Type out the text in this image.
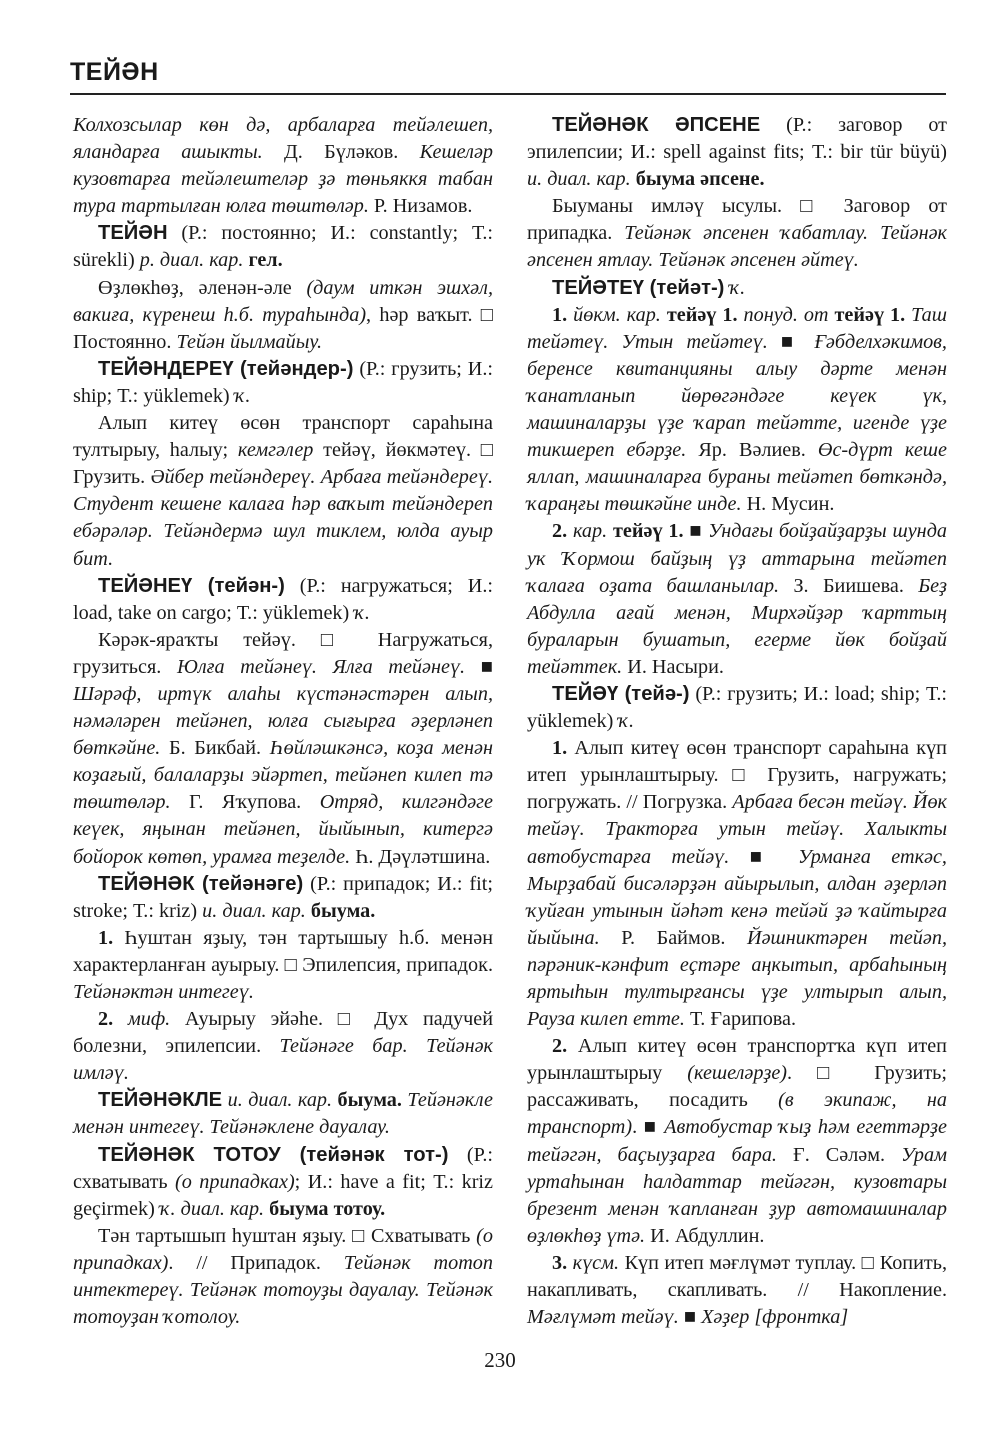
ТЕЙӘН

Колхозсылар көн дә, арбаларға тейәлешеп, яландарға ашыкты. Д. Бүләков. Кешеләр кузовтарға тейәлештеләр ҙә төньяккя табан тура тартылған юлға төштөләр. Р. Низамов.

ТЕЙӘН (Р.: постоянно; И.: constantly; Т.: sürekli) р. диал. кар. гел.

Өҙлөкһөҙ, әленән-әле (даум иткән эшхәл, вакиға, күренеш һ.б. тураһында), һәр ваҡыт. □ Постоянно. Тейән йылмайыу.

ТЕЙӘНДЕРЕҮ (тейәндер-) (Р.: грузить; И.: ship; Т.: yüklemek) ҡ.

Алып китеү өсөн транспорт сараһына тултырыу, һалыу; кемгәлер тейәү, йөкмәтеү. □ Грузить. Әйбер тейәндереү. Арбаға тейәндереү. Студент кешене калаға һәр ваҡыт тейәндереп ебәрәләр. Тейәндермә шул тиклем, юлда ауыр бит.

ТЕЙӘНЕҮ (тейән-) (Р.: нагружаться; И.: load, take on cargo; Т.: yüklemek) ҡ.

Кәрәк-яраҡты тейәү. □ Нагружаться, грузиться. Юлға тейәнеү. Ялға тейәнеү. ■ Шәрәф, иртүк алаһы күстәнәстәрен алып, нәмәләрен тейәнеп, юлға сығырға әҙерләнеп бөткәйне. Б. Бикбай. Һөйләшкәнсә, коҙа менән коҙағый, балаларҙы эйәртеп, тейәнеп килеп тә төштөләр. Г. Яҡупова. Отряд, килгәндәге кеүек, яңынан тейәнеп, йыйынып, китергә бойорок көтөп, урамға теҙелде. Һ. Дәүләтшина.

ТЕЙӘНӘК (тейәнәге) (Р.: припадок; И.: fit; stroke; Т.: kriz) и. диал. кар. быума.

1. Һуштан яҙыу, тән тартышыу һ.б. менән характерланған ауырыу. □ Эпилепсия, припадок. Тейәнәктән интегеү.

2. миф. Ауырыу эйәһе. □ Дух падучей болезни, эпилепсии. Тейәнәге бар. Тейәнәк имләү.

ТЕЙӘНӘКЛЕ и. диал. кар. быума. Тейәнәкле менән интегеү. Тейәнәклене дауалау.

ТЕЙӘНӘК ТОТОУ (тейәнәк тот-) (Р.: схватывать (о припадках); И.: have a fit; Т.: kriz geçirmek) ҡ. диал. кар. быума тотоу.

Тән тартышып һуштан яҙыу. □ Схватывать (о припадках). // Припадок. Тейәнәк тотоп интектереү. Тейәнәк тотоуҙы дауалау. Тейәнәк тотоуҙан ҡотолоу.

ТЕЙӘНӘК ӘПСЕНЕ (Р.: заговор от эпилепсии; И.: spell against fits; Т.: bir tür büyü) и. диал. кар. быума әпсене.

Быуманы имләү ысулы. □ Заговор от припадка. Тейәнәк әпсенен ҡабатлау. Тейәнәк әпсенен ятлау. Тейәнәк әпсенен әйтеү.

ТЕЙӘТЕҮ (тейәт-) ҡ.

1. йөкм. кар. тейәү 1. понуд. от тейәү 1. Таш тейәтеү. Утын тейәтеү. ■ Ғәбделхәкимов, беренсе квитанцияны алыу дәрте менән ҡанатланып йөрөгәндәге кеүек үк, машиналарҙы үҙе ҡарап тейәтте, игенде үҙе тикшереп ебәрҙе. Яр. Вәлиев. Өс-дүрт кеше яллап, машиналарға бураны тейәтеп бөткәндә, ҡараңғы төшкәйне инде. Н. Мусин.

2. кар. тейәү 1. ■ Ундағы бойҙайҙарҙы шунда уҡ Ҡормош байҙың үҙ аттарына тейәтеп ҡалаға оҙата башланылар. З. Биишева. Беҙ Абдулла ағай менән, Мирхәйҙәр ҡарттың бураларын бушатып, егерме йөк бойҙай тейәттек. И. Насыри.

ТЕЙӘҮ (тейә-) (Р.: грузить; И.: load; ship; Т.: yüklemek) ҡ.

1. Алып китеү өсөн транспорт сараһына күп итеп урынлаштырыу. □ Грузить, нагружать; погружать. // Погрузка. Арбаға бесән тейәү. Йөк тейәү. Тракторға утын тейәү. Халыкты автобустарға тейәү. ■ Урманға еткәс, Мырҙабай бисәләрҙән айырылып, алдан әҙерләп ҡуйған утынын йәһәт кенә тейәй ҙә ҡайтырға йыйына. Р. Баймов. Йәшниктәрен тейәп, пәрәник-кәнфит еҫтәре аңкытып, арбаһының яртыһын тултырғансы үҙе ултырып алып, Рауза килеп етте. Т. Ғарипова.

2. Алып китеү өсөн транспортҡа күп итеп урынлаштырыу (кешеләрҙе). □ Грузить; рассаживать, посадить (в экипаж, на транспорт). ■ Автобустар ҡыҙ һәм егеттәрҙе тейәгән, баҫыуҙарға бара. Ғ. Сәләм. Урам уртаһынан һалдаттар тейәгән, кузовтары брезент менән ҡапланған ҙур автомашиналар өҙлөкһөҙ үтә. И. Абдуллин.

3. күсм. Күп итеп мәғлүмәт туплау. □ Копить, накапливать, скапливать. // Накопление. Мәғлүмәт тейәү. ■ Хәҙер [фронтка]

230
